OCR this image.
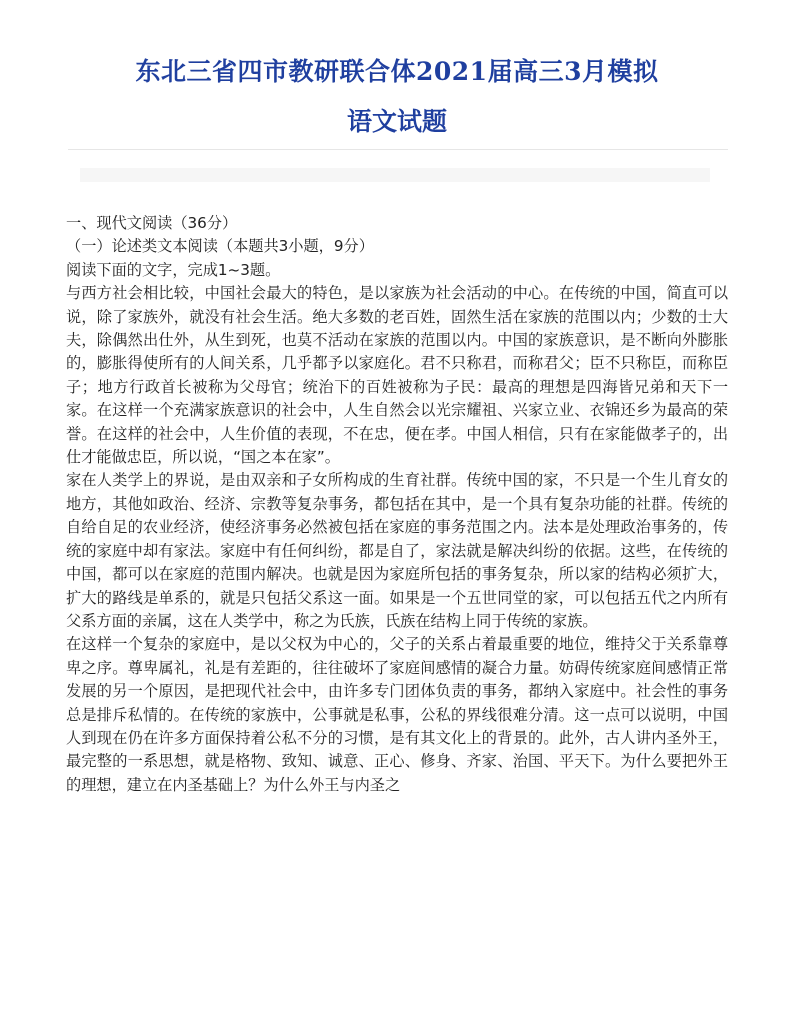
东北三省四市教研联合体2021届高三3月模拟
语文试题

一、现代文阅读（36分）

（一）论述类文本阅读（本题共3小题，9分）

阅读下面的文字，完成1~3题。

与西方社会相比较，中国社会最大的特色，是以家族为社会活动的中心。在传统的中国，简直可以说，除了家族外，就没有社会生活。绝大多数的老百姓，固然生活在家族的范围以内；少数的士大夫，除偶然出仕外，从生到死，也莫不活动在家族的范围以内。中国的家族意识，是不断向外膨胀的，膨胀得使所有的人间关系，几乎都予以家庭化。君不只称君，而称君父；臣不只称臣，而称臣子；地方行政首长被称为父母官；统治下的百姓被称为子民：最高的理想是四海皆兄弟和天下一家。在这样一个充满家族意识的社会中，人生自然会以光宗耀祖、兴家立业、衣锦还乡为最高的荣誉。在这样的社会中，人生价值的表现，不在忠，便在孝。中国人相信，只有在家能做孝子的，出仕才能做忠臣，所以说，“国之本在家”。

家在人类学上的界说，是由双亲和子女所构成的生育社群。传统中国的家，不只是一个生儿育女的地方，其他如政治、经济、宗教等复杂事务，都包括在其中，是一个具有复杂功能的社群。传统的自给自足的农业经济，使经济事务必然被包括在家庭的事务范围之内。法本是处理政治事务的，传统的家庭中却有家法。家庭中有任何纠纷，都是自了，家法就是解决纠纷的依据。这些，在传统的中国，都可以在家庭的范围内解决。也就是因为家庭所包括的事务复杂，所以家的结构必须扩大，扩大的路线是单系的，就是只包括父系这一面。如果是一个五世同堂的家，可以包括五代之内所有父系方面的亲属，这在人类学中，称之为氏族，氏族在结构上同于传统的家族。

在这样一个复杂的家庭中，是以父权为中心的，父子的关系占着最重要的地位，维持父于关系靠尊卑之序。尊卑属礼，礼是有差距的，往往破坏了家庭间感情的凝合力量。妨碍传统家庭间感情正常发展的另一个原因，是把现代社会中，由许多专门团体负责的事务，都纳入家庭中。社会性的事务总是排斥私情的。在传统的家族中，公事就是私事，公私的界线很难分清。这一点可以说明，中国人到现在仍在许多方面保持着公私不分的习惯，是有其文化上的背景的。此外，古人讲内圣外王，最完整的一系思想，就是格物、致知、诚意、正心、修身、齐家、治国、平天下。为什么要把外王的理想，建立在内圣基础上？为什么外王与内圣之
